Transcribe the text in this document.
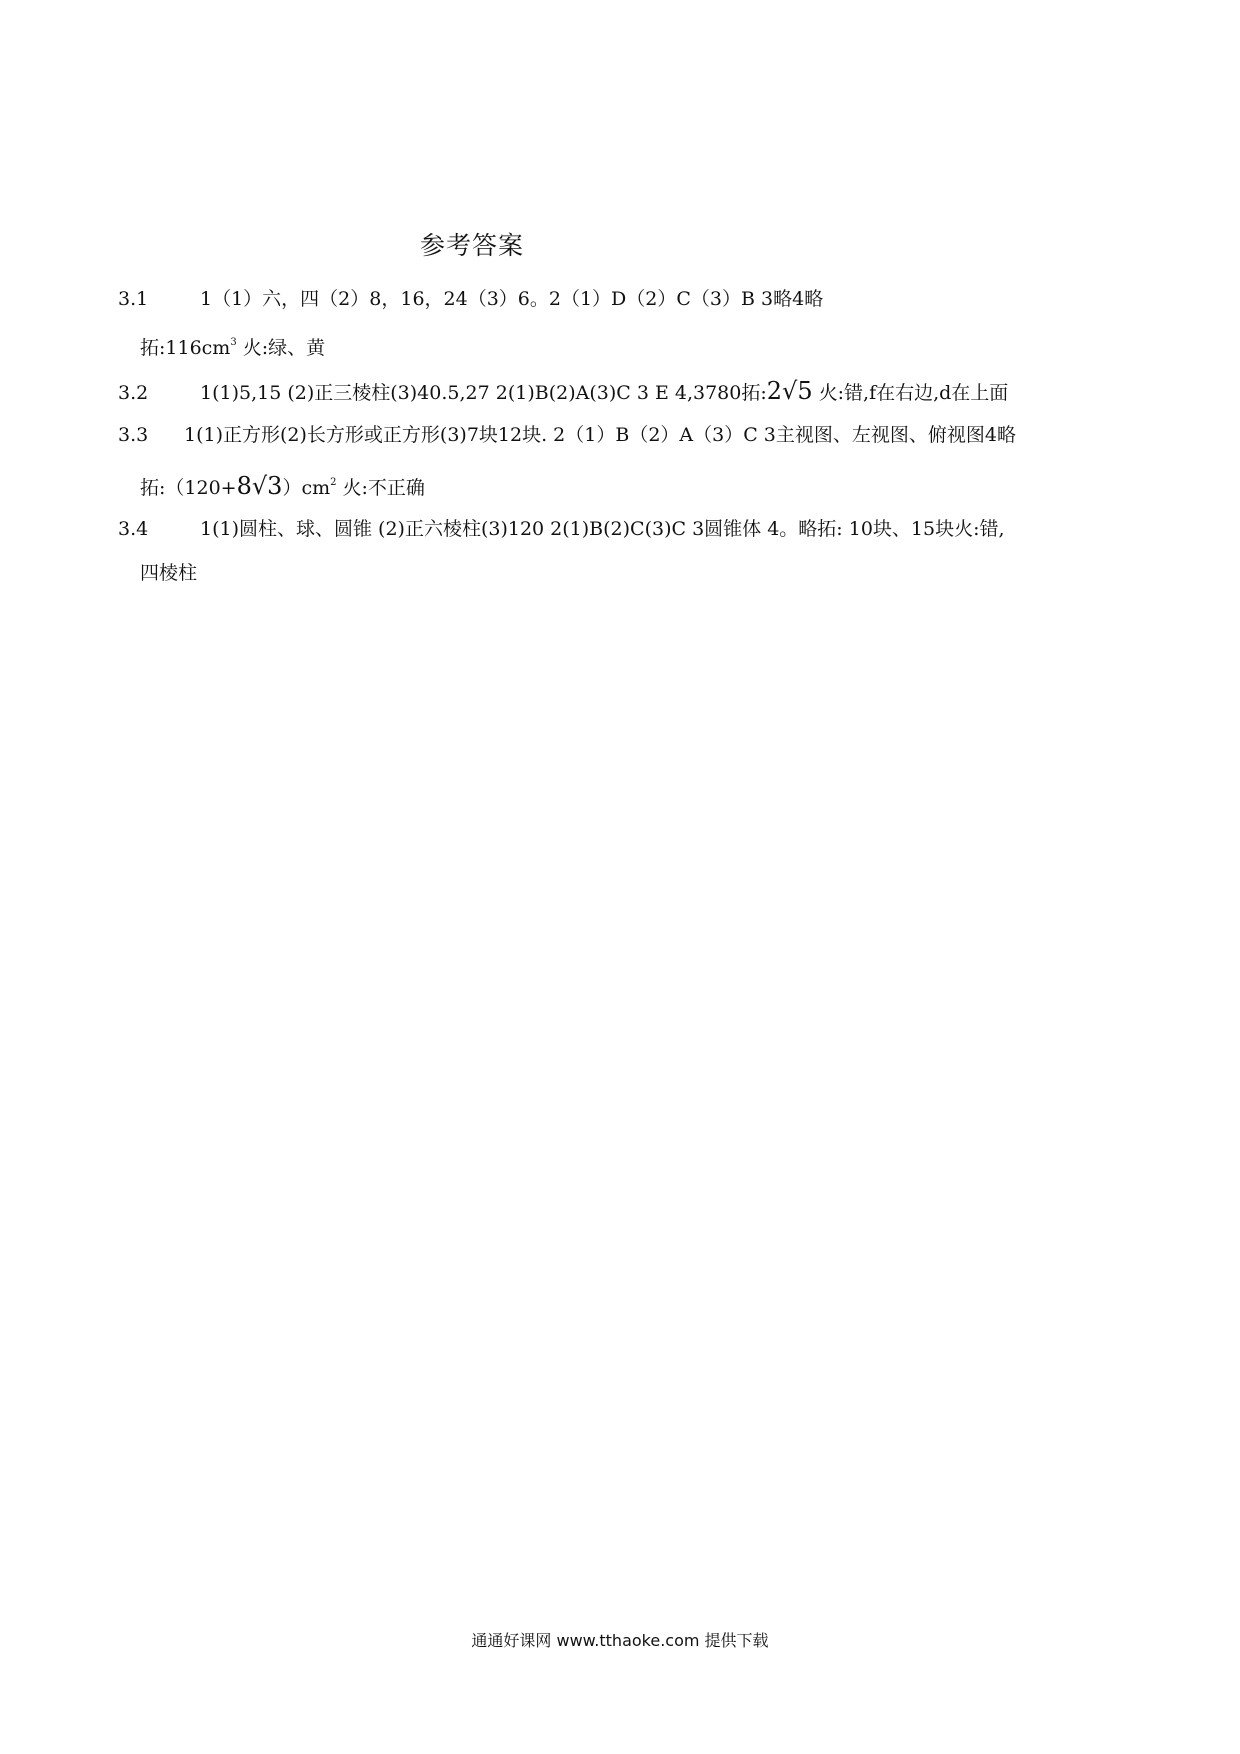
参考答案
3.1	1（1）六，四（2）8，16，24（3）6。2（1）D（2）C（3）B 3略4略
拓$:116cm^3$ 火:绿、黄
3.2	1(1)5,15 (2)正三棱柱(3)40.5,27 2(1)B(2)A(3)C 3 E 4,3780拓:2√5 火:错,f在右边,d在上面
3.3 1(1)正方形(2)长方形或正方形(3)7块12块. 2（1）B（2）A（3）C 3主视图、左视图、俯视图4略
拓$:(120+8√3)cm^2$ 火:不正确
3.4	1(1)圆柱、球、圆锥 (2)正六棱柱(3)120 2(1)B(2)C(3)C 3圆锥体 4。略拓: 10块、15块火:错,
四棱柱
通通好课网 www.tthaoke.com 提供下载
